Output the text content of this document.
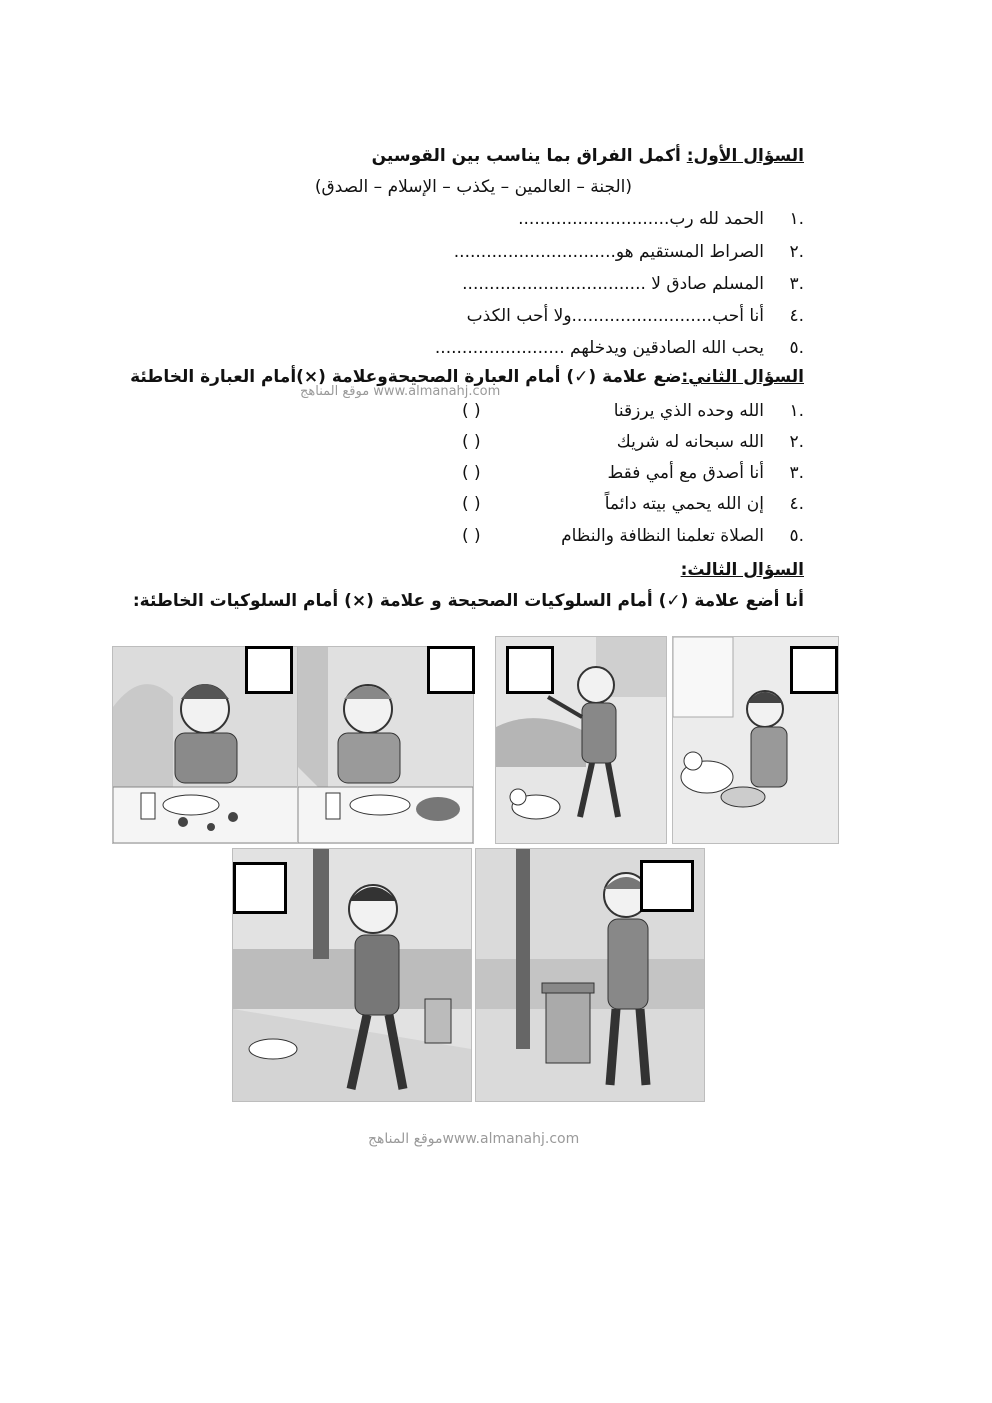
السؤال الأول: أكمل الفراق بما يناسب بين القوسين
(الجنة – العالمين – يكذب – الإسلام – الصدق)
.١الحمد لله رب............................
.٢الصراط المستقيم هو..............................
.٣المسلم صادق لا ..................................
.٤أنا أحب..........................ولا أحب الكذب
.٥يحب الله الصادقين ويدخلهم ........................
السؤال الثاني:ضع علامة (✓) أمام العبارة الصحيحةوعلامة (×)أمام العبارة الخاطئة
موقع المناهج www.almanahj.com
.١الله وحده الذي يرزقنا
( )
.٢الله سبحانه له شريك
( )
.٣أنا أصدق مع أمي فقط
( )
.٤إن الله يحمي بيته دائماً
( )
.٥الصلاة تعلمنا النظافة والنظام
( )
السؤال الثالث:
أنا أضع علامة (✓) أمام السلوكيات الصحيحة و علامة (×) أمام السلوكيات الخاطئة:
موقع المناهجwww.almanahj.com
